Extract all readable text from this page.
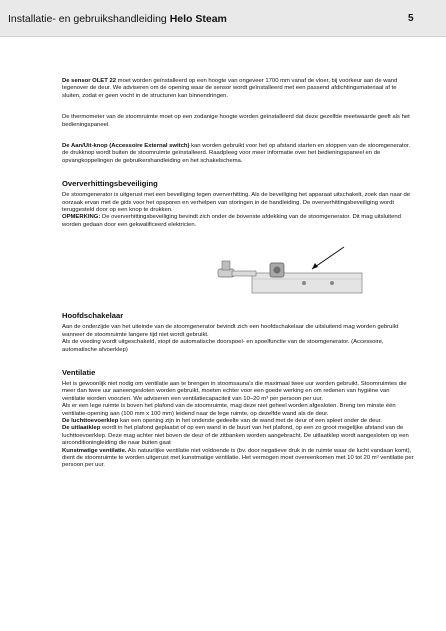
Installatie- en gebruikshandleiding Helo Steam	5

De sensor OLET 22 moet worden geïnstalleerd op een hoogte van ongeveer 1700 mm vanaf de vloer, bij voorkeur aan de wand tegenover de deur. We adviseren om de opening waar de sensor wordt geïnstalleerd met een passend afdichtingsmateriaal af te sluiten, zodat er geen vocht in de structuren kan binnendringen.

De thermometer van de stoomruimte moet op een zodanige hoogte worden geïnstalleerd dat deze gezelfde meetwaarde geeft als het bedieningspaneel.

De Aan/Uit-knop (Accessoire External switch) kan worden gebruikt voor het op afstand starten en stoppen van de stoomgenerator. de drukknop wordt buiten de stoomruimte geïnstalleerd. Raadpleeg voor meer informatie over het bedieningspaneel en de opvangkoppelingen de gebruikershandleiding en het schakelschema.

Oververhittingsbeveiliging

De stoomgenerator is uitgerust met een beveiliging tegen oververhitting. Als de beveiliging het apparaat uitschakelt, zoek dan naar de oorzaak ervan met de gids voor het opsporen en verhelpen van storingen in de handleiding. De oververhittingsbeveiliging wordt teruggesteld door op een knop te drukken.

OPMERKING: De oververhittingsbeveiliging bevindt zich onder de bovenste afdekking van de stoomgenerator. Dit mag uitsluitend worden gedaan door een gekwalificeerd elektricien.

Hoofdschakelaar

Aan de onderzijde van het uiteinde van de stoomgenerator bevindt zich een hoofdschakelaar die uitsluitend mag worden gebruikt wanneer de stoomruimte langere tijd niet wordt gebruikt.

Als de voeding wordt uitgeschakeld, stopt de automatische doorspoel- en spoelfunctie van de stoomgenerator. (Accessoire, automatische afvoerklep)

Ventilatie

Het is gewoonlijk niet nodig om ventilatie aan te brengen in stoomsauna's die maximaal twee uur worden gebruikt. Stoomruimtes die meer dan twee uur aaneengesloten worden gebruikt, moeten echter voor een goede werking en om redenen van hygiëne van ventilatie worden voorzien. We adviseren een ventilatiecapaciteit van 10–20 m³ per persoon per uur.

Als er een lege ruimte is boven het plafond van de stoomruimte, mag deze niet geheel worden afgesloten. Breng ten minste één ventilatie-opening aan (100 mm x 100 mm) leidend naar de lege ruimte, op dezelfde wand als de deur.

De luchttoevoerklep kan een opening zijn in het onderste gedeelte van de wand met de deur of een spleet onder de deur.

De uitlaatklep wordt in het plafond geplaatst of op een wand in de buurt van het plafond, op een zo groot mogelijke afstand van de luchttoevoerklep. Deze mag achter niet boven de deur of de zitbanken worden aangebracht. De uitlaatklep wordt aangesloten op een airconditioningleiding die naar buiten gaat

Kunstmatige ventilatie. Als natuurlijke ventilatie niet voldoende is (bv. door negatieve druk in de ruimte waar de lucht vandaan komt), dient de stoomruimte te worden uitgerust met kunstmatige ventilatie. Het vermogen moet overeenkomen met 10 tot 20 m³ ventilatie per persoon per uur.
